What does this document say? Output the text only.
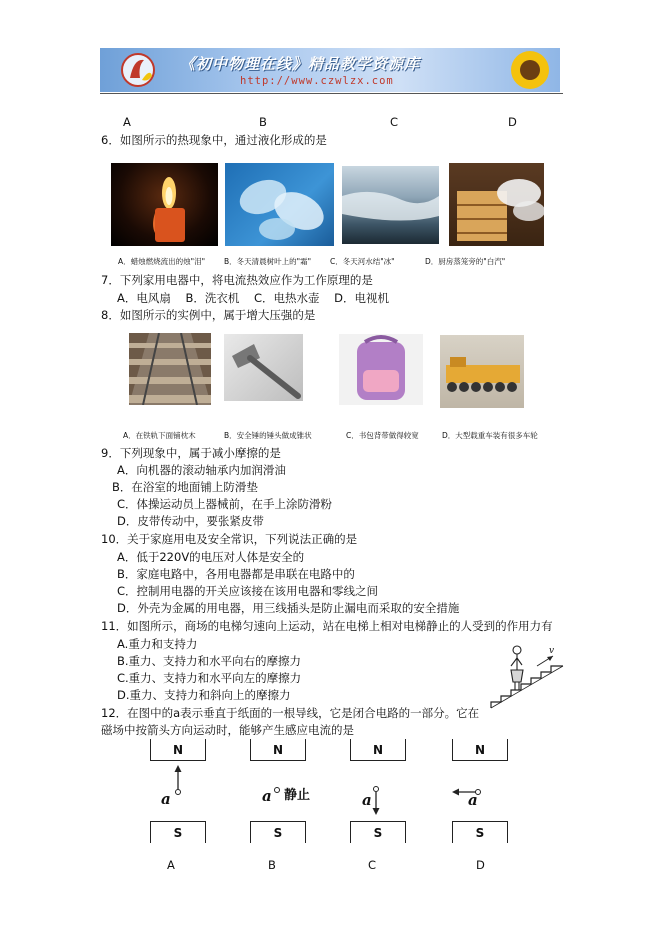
《初中物理在线》精品教学资源库
http://www.czwlzx.com
A	B	C	D
6．如图所示的热现象中，通过液化形成的是
A．蜡烛燃烧流出的烛"泪"	B．冬天清晨树叶上的"霜"	C．冬天河水结"冰"	D．厨房蒸笼旁的"白汽"
7．下列家用电器中，将电流热效应作为工作原理的是
A．电风扇    B．洗衣机    C．电热水壶    D．电视机
8．如图所示的实例中，属于增大压强的是
A．在铁轨下面铺枕木	B．安全锤的锤头做成锥状	C．书包背带做得较宽	D．大型载重车装有很多车轮
9．下列现象中，属于减小摩擦的是
A．向机器的滚动轴承内加润滑油
B．在浴室的地面铺上防滑垫
C．体操运动员上器械前，在手上涂防滑粉
D．皮带传动中，要张紧皮带
10．关于家庭用电及安全常识，下列说法正确的是
A．低于220V的电压对人体是安全的
B．家庭电路中，各用电器都是串联在电路中的
C．控制用电器的开关应该接在该用电器和零线之间
D．外壳为金属的用电器，用三线插头是防止漏电而采取的安全措施
11．如图所示，商场的电梯匀速向上运动，站在电梯上相对电梯静止的人受到的作用力有
A.重力和支持力
B.重力、支持力和水平向右的摩擦力
C.重力、支持力和水平向左的摩擦力
D.重力、支持力和斜向上的摩擦力
v
12．在图中的a表示垂直于纸面的一根导线，它是闭合电路的一部分。它在
磁场中按箭头方向运动时，能够产生感应电流的是
N
S
a
N
S
a 静止
N
S
a
N
S
a
A	B	C	D
